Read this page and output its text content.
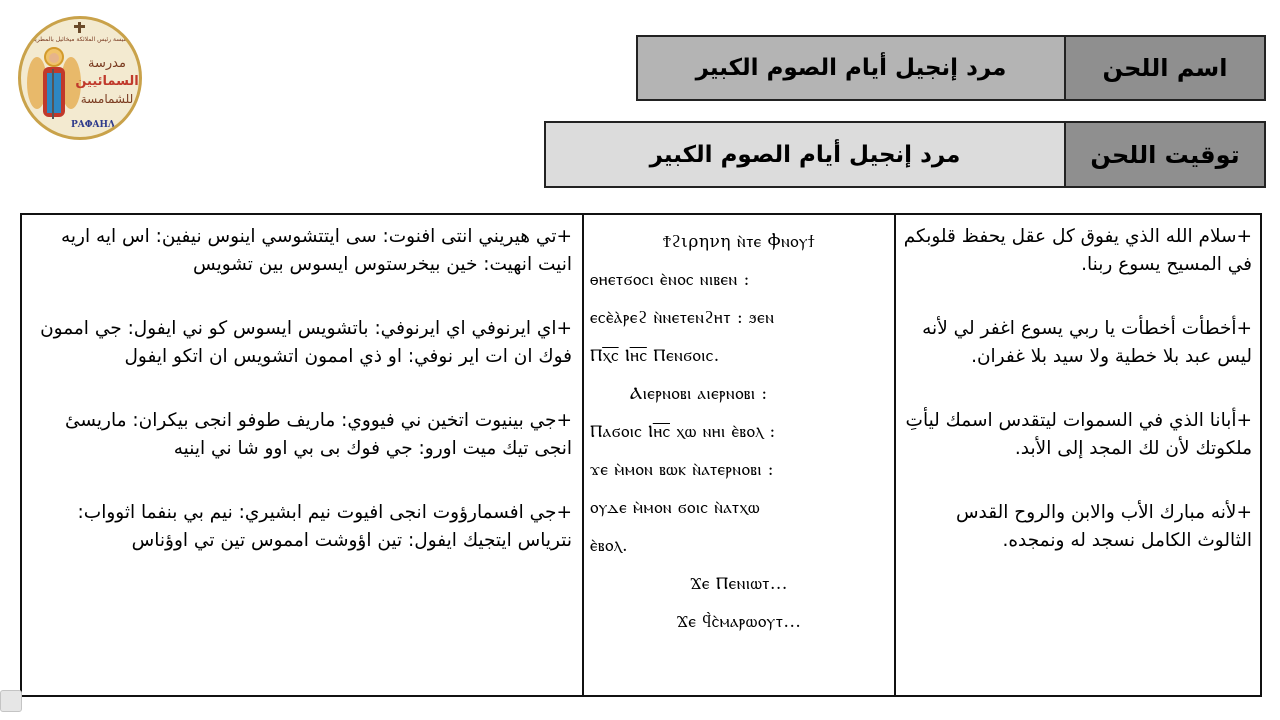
كنيسة رئيس الملائكة ميخائيل بالمطرية
مدرسة
السمائيين
للشمامسة
ΡΑΦΑΗΛ
مرد إنجيل أيام الصوم الكبير	اسم اللحن
مرد إنجيل أيام الصوم الكبير	توقيت اللحن

+تي هيريني انتى افنوت: سى ايتتشوسي اينوس نيفين: اس ايه اريه انيت انهيت: خين بيخرستوس ايسوس بين تشويس

+اي ايرنوفي اي ايرنوفي: باتشويس ايسوس كو ني ايفول: جي اممون فوك ان ات اير نوفي: او ذي اممون اتشويس ان اتكو ايفول

+جي بينيوت اتخين ني فيووي: ماريف طوفو انجى بيكران: ماريسىٔ انجى تيك ميت اورو: جي فوك بى بي اوو شا ني اينيه

+جي افسمارؤوت انجى افيوت نيم ابشيري: نيم بي بنفما اثوواب: نترياس ايتجيك ايفول: تين اؤوشت امموس تين تي اوؤناس

Ϯϩιρηνη ⲛ̀ⲧⲉ Ⲫⲛⲟⲩϯ
ⲑⲏⲉⲧϭⲟⲥⲓ ⲉ̀ⲛⲟⲥ ⲛⲓⲃⲉⲛ :
ⲉⲥⲉ̀ⲁ̀ⲣⲉϩ ⲛ̀ⲛⲉⲧⲉⲛϩⲏⲧ : ϧⲉⲛ
Ⲡⲭ̅ⲥ̅ Ⲓⲏ̅ⲥ̅ Ⲡⲉⲛϭⲟⲓⲥ.
Ⲁⲓⲉⲣⲛⲟⲃⲓ ⲁⲓⲉⲣⲛⲟⲃⲓ :
Ⲡⲁϭⲟⲓⲥ Ⲓⲏ̅ⲥ̅ ⲭⲱ ⲛⲏⲓ ⲉ̀ⲃⲟⲗ :
ϫⲉ ⲙ̀ⲙⲟⲛ ⲃⲱⲕ ⲛ̀ⲁⲧⲉⲣⲛⲟⲃⲓ :
ⲟⲩⲇⲉ ⲙ̀ⲙⲟⲛ ϭⲟⲓⲥ ⲛ̀ⲁⲧⲭⲱ
ⲉ̀ⲃⲟⲗ.
Ϫⲉ Ⲡⲉⲛⲓⲱⲧ...
Ϫⲉ ϥ̀ⲥ̀ⲙⲁⲣⲱⲟⲩⲧ...

+سلام الله الذي يفوق كل عقل يحفظ قلوبكم في المسيح يسوع ربنا.

+أخطأت أخطأت يا ربي يسوع اغفر لي لأنه ليس عبد بلا خطية ولا سيد بلا غفران.

+أبانا الذي في السموات ليتقدس اسمك ليأتِ ملكوتك لأن لك المجد إلى الأبد.

+لأنه مبارك الأب والابن والروح القدس الثالوث الكامل نسجد له ونمجده.
